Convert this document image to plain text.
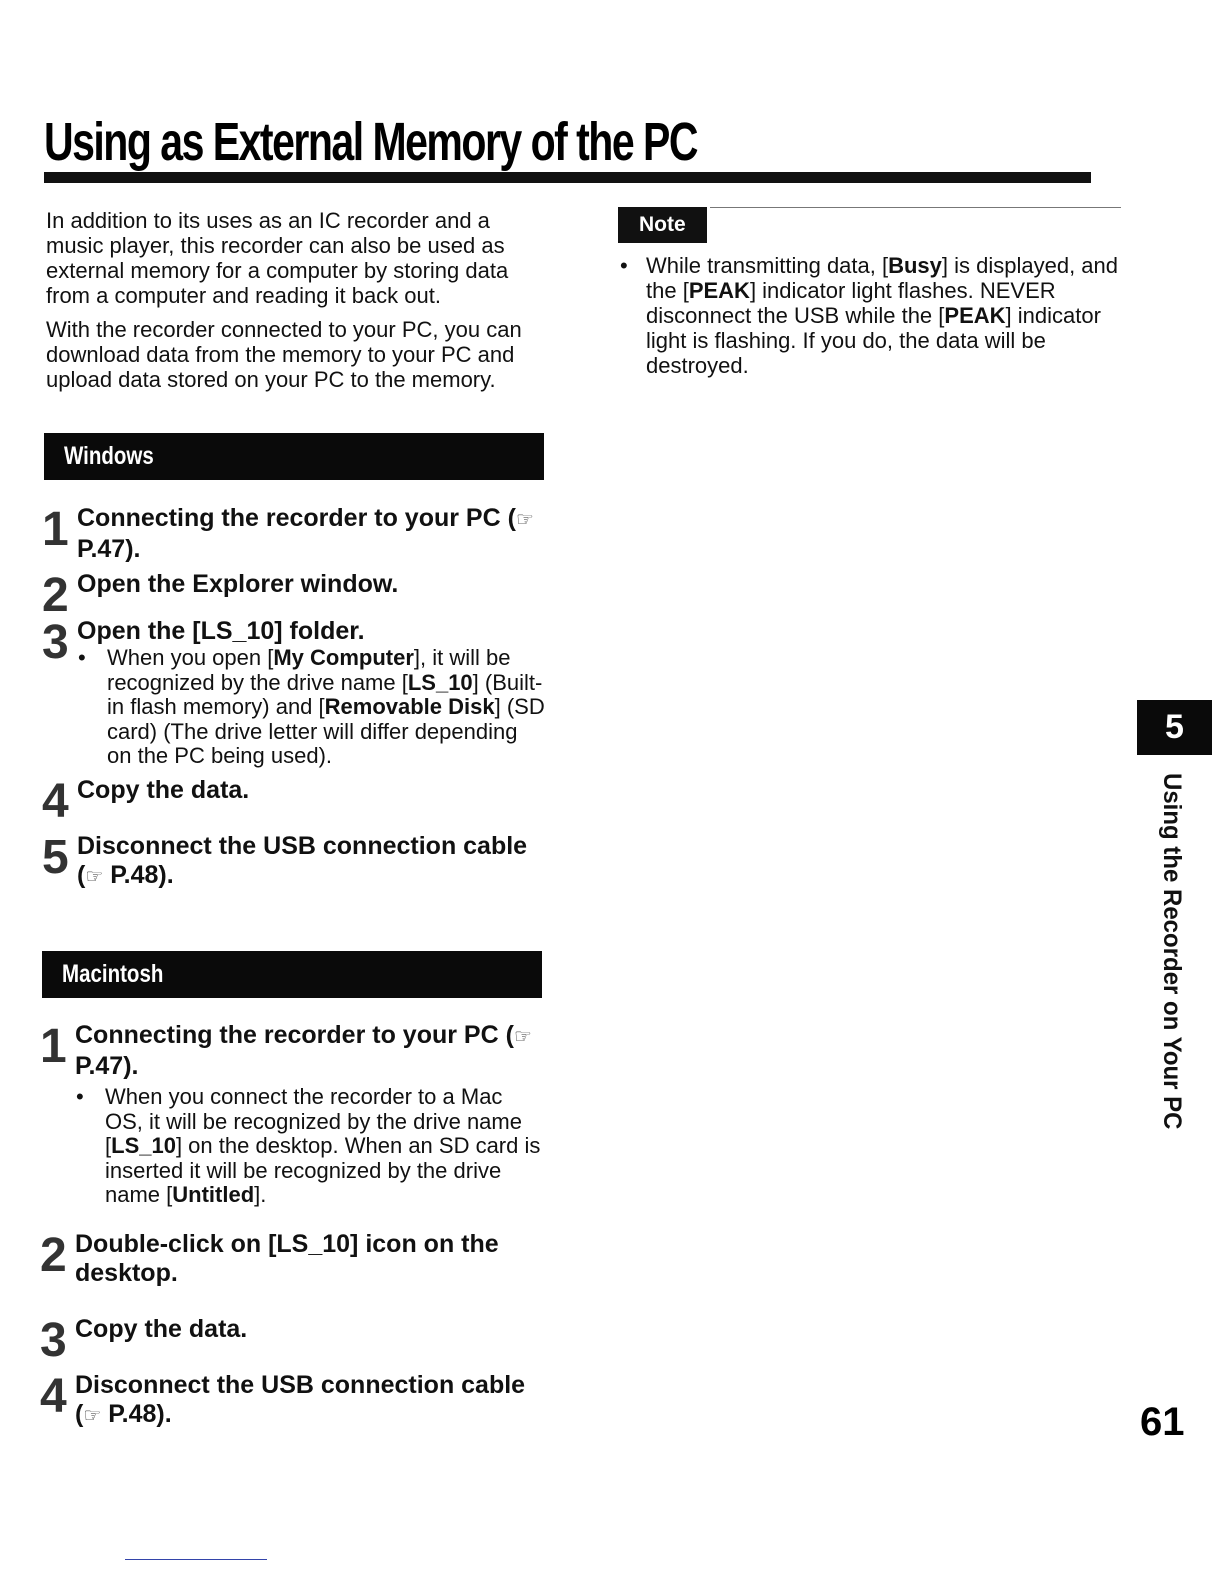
Using as External Memory of the PC

In addition to its uses as an IC recorder and a music player, this recorder can also be used as external memory for a computer by storing data from a computer and reading it back out.

With the recorder connected to your PC, you can download data from the memory to your PC and upload data stored on your PC to the memory.

Note
• While transmitting data, [Busy] is displayed, and the [PEAK] indicator light flashes. NEVER disconnect the USB while the [PEAK] indicator light is flashing. If you do, the data will be destroyed.
Windows
1 Connecting the recorder to your PC (☞ P.47).
2 Open the Explorer window.
3 Open the [LS_10] folder.
• When you open [My Computer], it will be recognized by the drive name [LS_10] (Built-in flash memory) and [Removable Disk] (SD card) (The drive letter will differ depending on the PC being used).
4 Copy the data.
5 Disconnect the USB connection cable (☞ P.48).
Macintosh
1 Connecting the recorder to your PC (☞ P.47).
• When you connect the recorder to a Mac OS, it will be recognized by the drive name [LS_10] on the desktop. When an SD card is inserted it will be recognized by the drive name [Untitled].
2 Double-click on [LS_10] icon on the desktop.
3 Copy the data.
4 Disconnect the USB connection cable (☞ P.48).
5
Using the Recorder on Your PC
61
